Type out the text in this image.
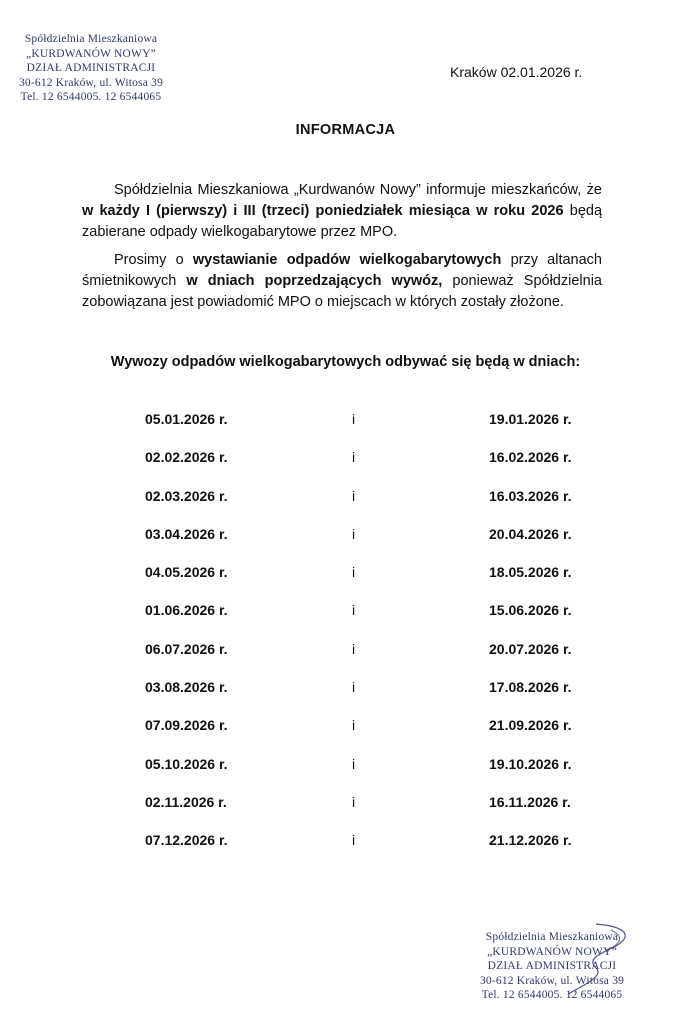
Spółdzielnia Mieszkaniowa
„KURDWANÓW NOWY”
DZIAŁ ADMINISTRACJI
30-612 Kraków, ul. Witosa 39
Tel. 12 6544005. 12 6544065
Kraków 02.01.2026 r.
INFORMACJA
Spółdzielnia Mieszkaniowa „Kurdwanów Nowy” informuje mieszkańców, że w każdy I (pierwszy) i III (trzeci) poniedziałek miesiąca w roku 2026 będą zabierane odpady wielkogabarytowe przez MPO.
Prosimy o wystawianie odpadów wielkogabarytowych przy altanach śmietnikowych w dniach poprzedzających wywóz, ponieważ Spółdzielnia zobowiązana jest powiadomić MPO o miejscach w których zostały złożone.
Wywozy odpadów wielkogabarytowych odbywać się będą w dniach:
05.01.2026 r.	i	19.01.2026 r.
02.02.2026 r.	i	16.02.2026 r.
02.03.2026 r.	i	16.03.2026 r.
03.04.2026 r.	i	20.04.2026 r.
04.05.2026 r.	i	18.05.2026 r.
01.06.2026 r.	i	15.06.2026 r.
06.07.2026 r.	i	20.07.2026 r.
03.08.2026 r.	i	17.08.2026 r.
07.09.2026 r.	i	21.09.2026 r.
05.10.2026 r.	i	19.10.2026 r.
02.11.2026 r.	i	16.11.2026 r.
07.12.2026 r.	i	21.12.2026 r.
Spółdzielnia Mieszkaniowa
„KURDWANÓW NOWY”
DZIAŁ ADMINISTRACJI
30-612 Kraków, ul. Witosa 39
Tel. 12 6544005. 12 6544065
